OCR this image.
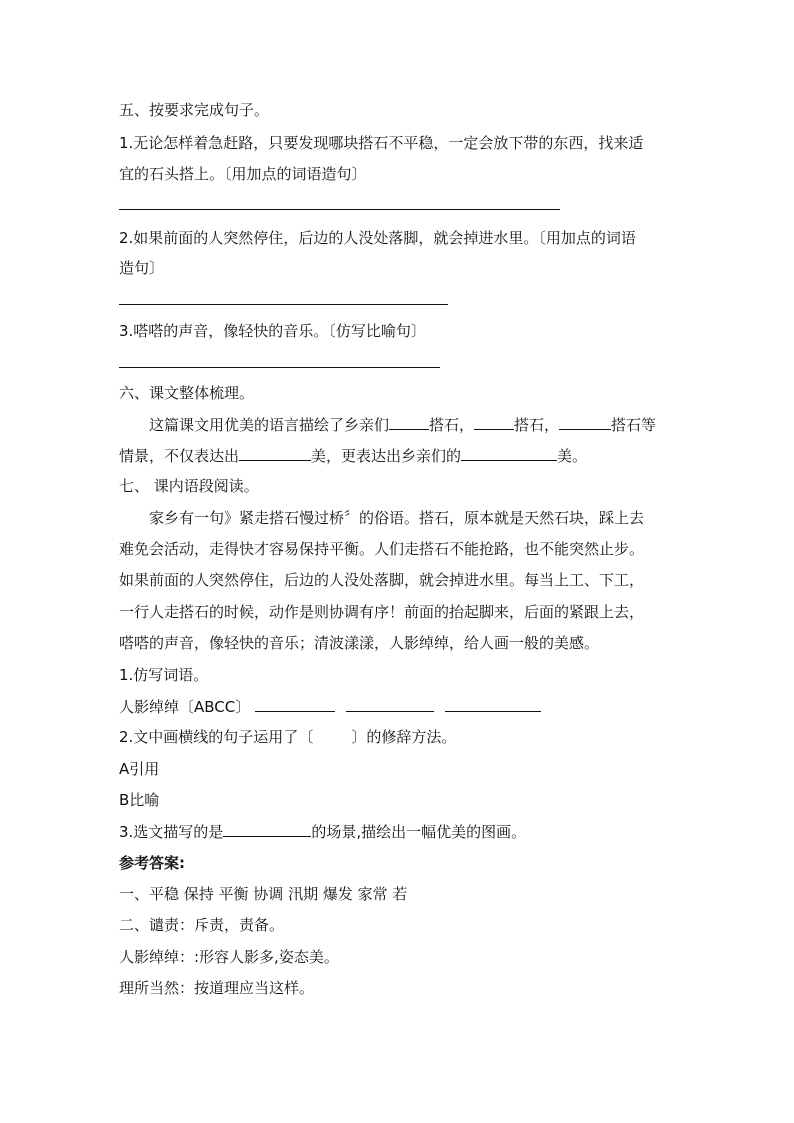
五、按要求完成句子。
1.无论怎样着急赶路，只要发现哪块搭石不平稳，一定会放下带的东西，找来适
宜的石头搭上。〔用加点的词语造句〕
2.如果前面的人突然停住，后边的人没处落脚，就会掉进水里。〔用加点的词语
造句〕
3.嗒嗒的声音，像轻快的音乐。〔仿写比喻句〕
六、课文整体梳理。
这篇课文用优美的语言描绘了乡亲们	搭石，	搭石，	搭石等
情景，不仅表达出	美，更表达出乡亲们的	美。
七、 课内语段阅读。
家乡有一句》紧走搭石慢过桥〞的俗语。搭石，原本就是天然石块，踩上去
难免会活动，走得快才容易保持平衡。人们走搭石不能抢路，也不能突然止步。
如果前面的人突然停住，后边的人没处落脚，就会掉进水里。每当上工、下工，
一行人走搭石的时候，动作是则协调有序！前面的抬起脚来，后面的紧跟上去，
嗒嗒的声音，像轻快的音乐；清波漾漾，人影绰绰，给人画一般的美感。
1.仿写词语。
人影绰绰〔ABCC〕
2.文中画横线的句子运用了〔	〕的修辞方法。
A引用
B比喻
3.选文描写的是	的场景,描绘出一幅优美的图画。
参考答案:
一、平稳 保持 平衡 协调 汛期 爆发 家常 若
二、谴责：斥责，责备。
人影绰绰：:形容人影多,姿态美。
理所当然：按道理应当这样。
